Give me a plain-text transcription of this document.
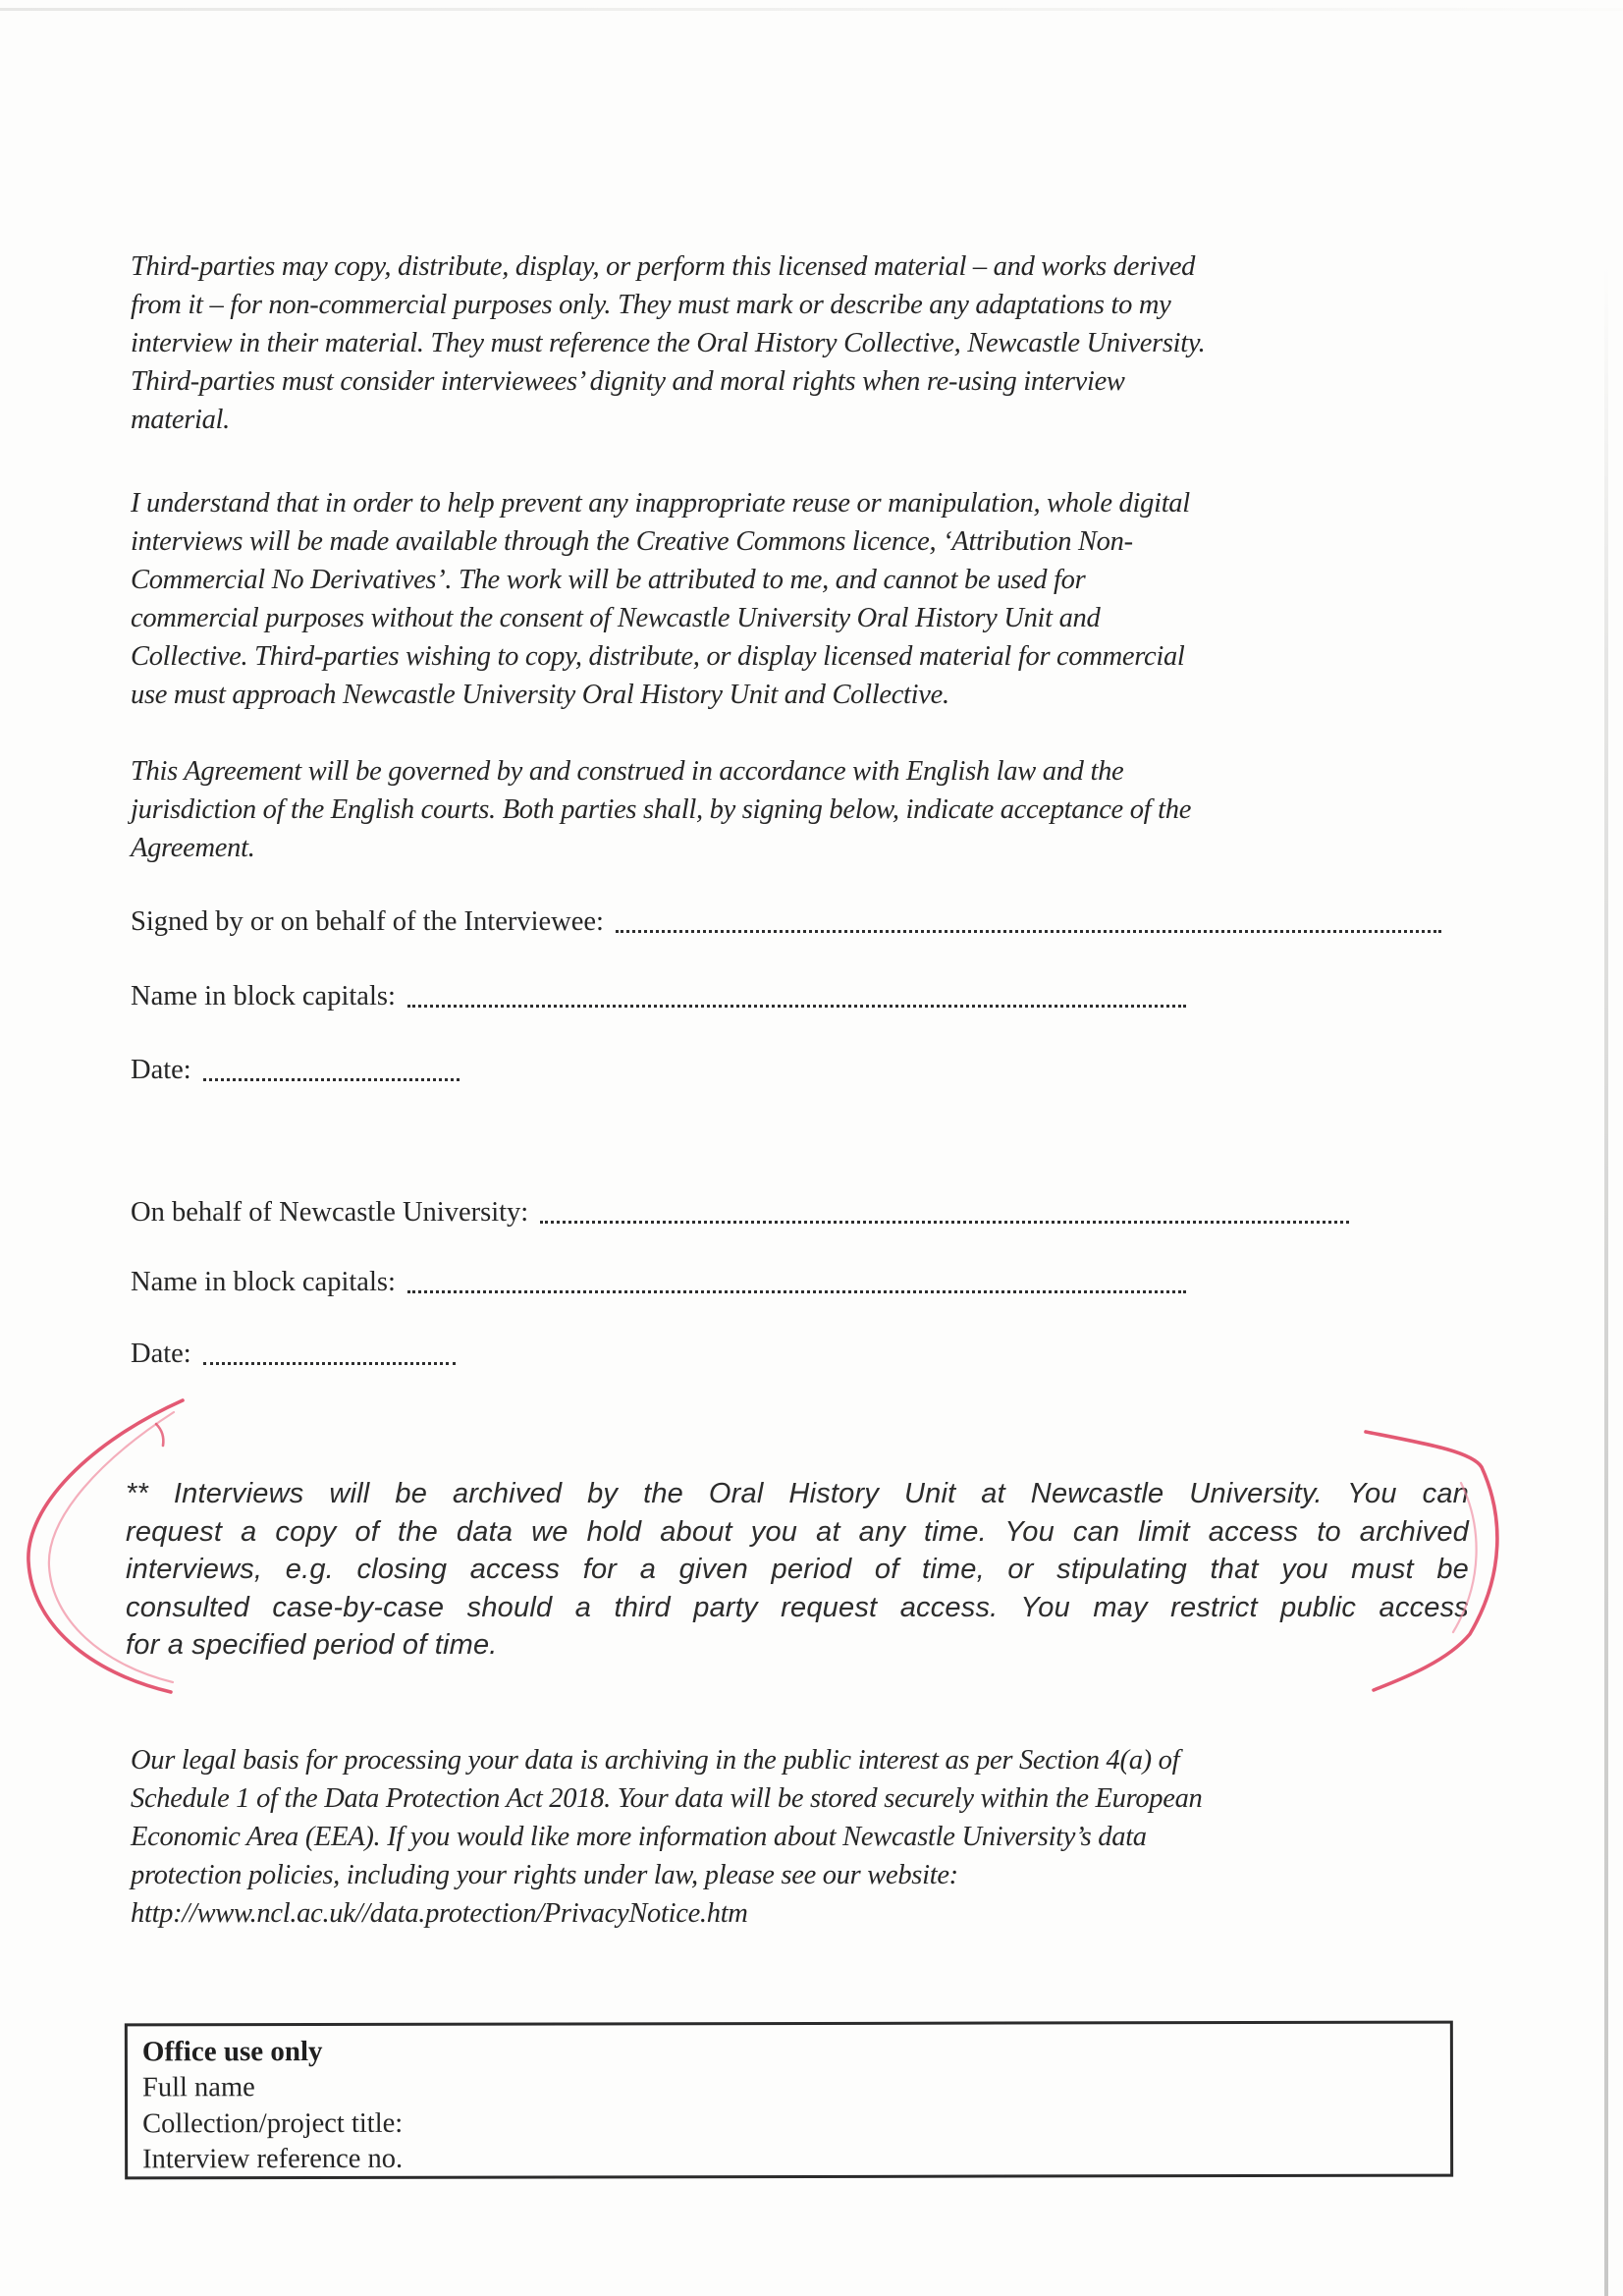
Third-parties may copy, distribute, display, or perform this licensed material – and works derived
from it – for non-commercial purposes only. They must mark or describe any adaptations to my
interview in their material. They must reference the Oral History Collective, Newcastle University.
Third-parties must consider interviewees’ dignity and moral rights when re-using interview
material.
I understand that in order to help prevent any inappropriate reuse or manipulation, whole digital
interviews will be made available through the Creative Commons licence, ‘Attribution Non-
Commercial No Derivatives’. The work will be attributed to me, and cannot be used for
commercial purposes without the consent of Newcastle University Oral History Unit and
Collective. Third-parties wishing to copy, distribute, or display licensed material for commercial
use must approach Newcastle University Oral History Unit and Collective.
This Agreement will be governed by and construed in accordance with English law and the
jurisdiction of the English courts. Both parties shall, by signing below, indicate acceptance of the
Agreement.
Signed by or on behalf of the Interviewee:
Name in block capitals:
Date:
On behalf of Newcastle University:
Name in block capitals:
Date:
** Interviews will be archived by the Oral History Unit at Newcastle University. You can
request a copy of the data we hold about you at any time. You can limit access to archived
interviews, e.g. closing access for a given period of time, or stipulating that you must be
consulted case-by-case should a third party request access. You may restrict public access
for a specified period of time.
Our legal basis for processing your data is archiving in the public interest as per Section 4(a) of
Schedule 1 of the Data Protection Act 2018. Your data will be stored securely within the European
Economic Area (EEA). If you would like more information about Newcastle University’s data
protection policies, including your rights under law, please see our website:
http://www.ncl.ac.uk//data.protection/PrivacyNotice.htm
Office use only
Full name
Collection/project title:
Interview reference no.
